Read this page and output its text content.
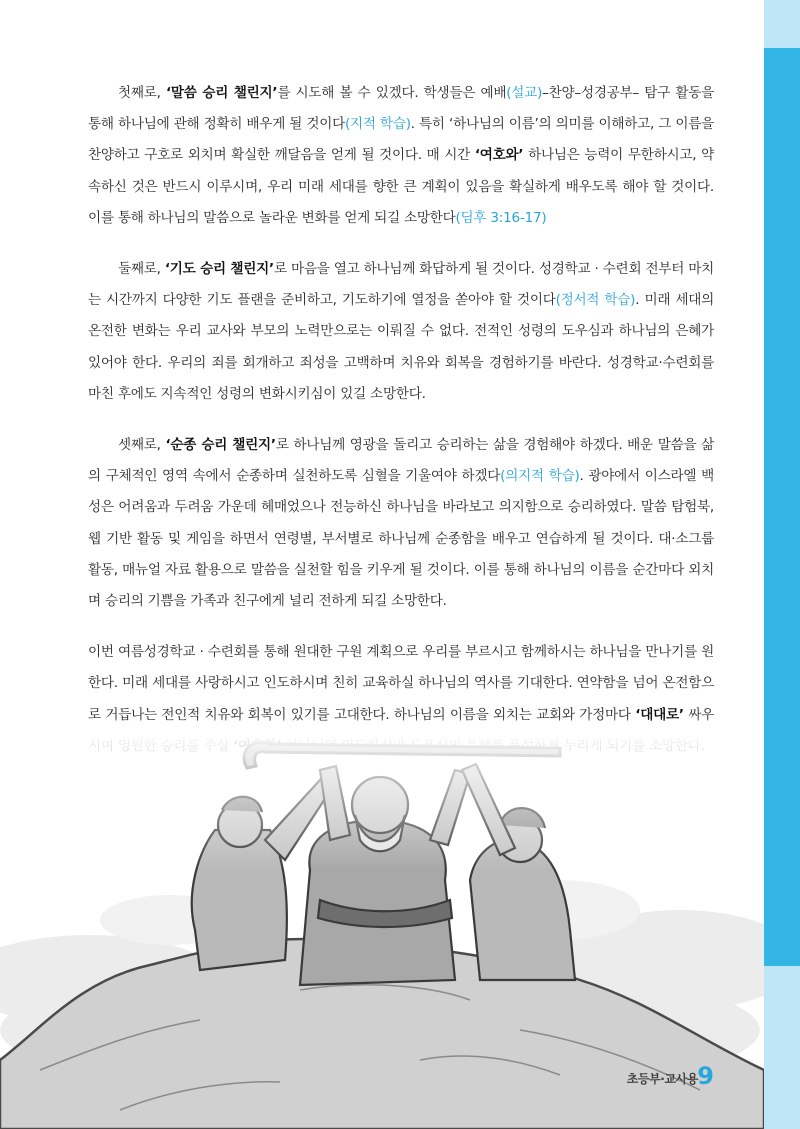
첫째로, ‘말씀 승리 챌린지’를 시도해 볼 수 있겠다. 학생들은 예배(설교)–찬양–성경공부– 탐구 활동을 통해 하나님에 관해 정확히 배우게 될 것이다(지적 학습). 특히 ‘하나님의 이름’의 의미를 이해하고, 그 이름을 찬양하고 구호로 외치며 확실한 깨달음을 얻게 될 것이다. 매 시간 ‘여호와’ 하나님은 능력이 무한하시고, 약속하신 것은 반드시 이루시며, 우리 미래 세대를 향한 큰 계획이 있음을 확실하게 배우도록 해야 할 것이다. 이를 통해 하나님의 말씀으로 놀라운 변화를 얻게 되길 소망한다(딤후 3:16-17)

둘째로, ‘기도 승리 챌린지’로 마음을 열고 하나님께 화답하게 될 것이다. 성경학교 · 수련회 전부터 마치는 시간까지 다양한 기도 플랜을 준비하고, 기도하기에 열정을 쏟아야 할 것이다(정서적 학습). 미래 세대의 온전한 변화는 우리 교사와 부모의 노력만으로는 이뤄질 수 없다. 전적인 성령의 도우심과 하나님의 은혜가 있어야 한다. 우리의 죄를 회개하고 죄성을 고백하며 치유와 회복을 경험하기를 바란다. 성경학교·수련회를 마친 후에도 지속적인 성령의 변화시키심이 있길 소망한다.

셋째로, ‘순종 승리 챌린지’로 하나님께 영광을 돌리고 승리하는 삶을 경험해야 하겠다. 배운 말씀을 삶의 구체적인 영역 속에서 순종하며 실천하도록 심혈을 기울여야 하겠다(의지적 학습). 광야에서 이스라엘 백성은 어려움과 두려움 가운데 헤매었으나 전능하신 하나님을 바라보고 의지함으로 승리하였다. 말씀 탐험북, 웹 기반 활동 및 게임을 하면서 연령별, 부서별로 하나님께 순종함을 배우고 연습하게 될 것이다. 대·소그룹 활동, 매뉴얼 자료 활용으로 말씀을 실천할 힘을 키우게 될 것이다. 이를 통해 하나님의 이름을 순간마다 외치며 승리의 기쁨을 가족과 친구에게 널리 전하게 되길 소망한다.

이번 여름성경학교 · 수련회를 통해 원대한 구원 계획으로 우리를 부르시고 함께하시는 하나님을 만나기를 원한다. 미래 세대를 사랑하시고 인도하시며 친히 교육하실 하나님의 역사를 기대한다. 연약함을 넘어 온전함으로 거듭나는 전인적 치유와 회복이 있기를 고대한다. 하나님의 이름을 외치는 교회와 가정마다 ‘대대로’ 싸우

초등부·교사용 9
